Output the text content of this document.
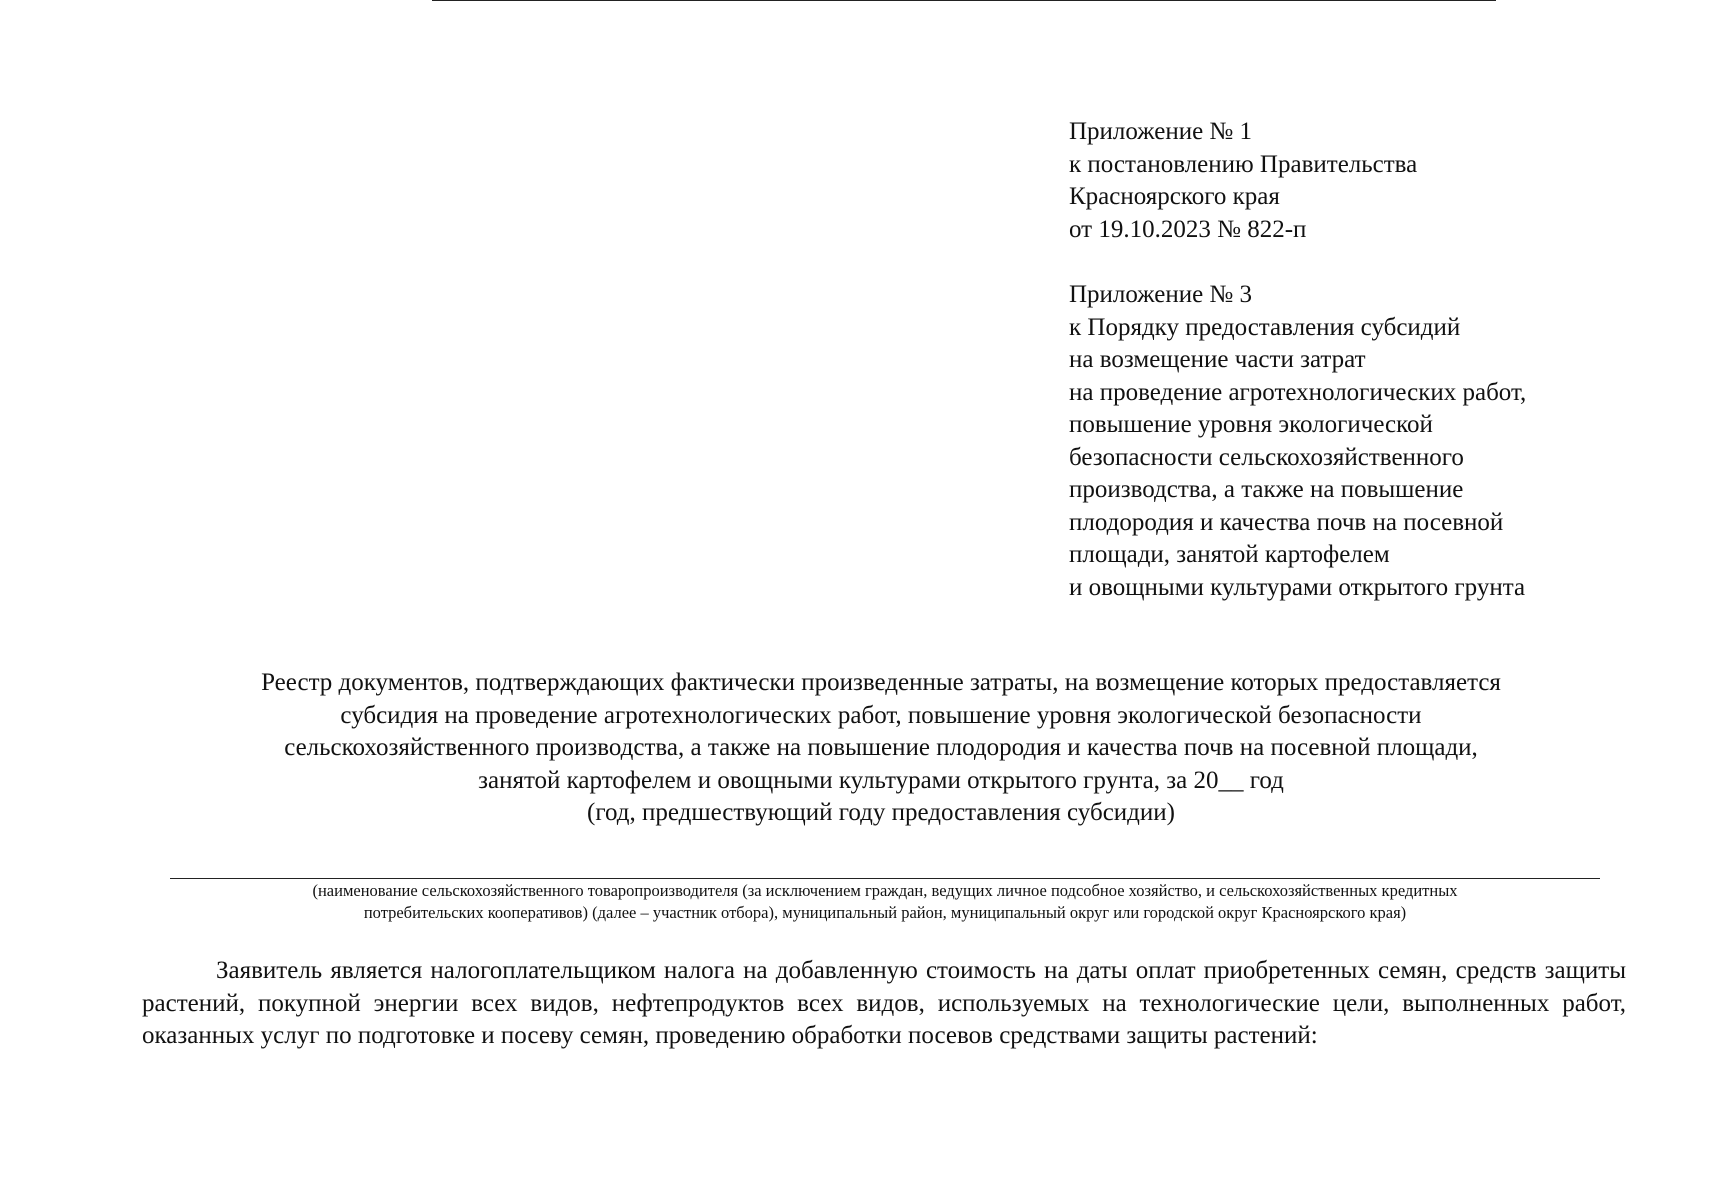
Приложение № 1
к постановлению Правительства
Красноярского края
от 19.10.2023 № 822-п
Приложение № 3
к Порядку предоставления субсидий
на возмещение части затрат
на проведение агротехнологических работ,
повышение уровня экологической
безопасности сельскохозяйственного
производства, а также на повышение
плодородия и качества почв на посевной
площади, занятой картофелем
и овощными культурами открытого грунта
Реестр документов, подтверждающих фактически произведенные затраты, на возмещение которых предоставляется
субсидия на проведение агротехнологических работ, повышение уровня экологической безопасности
сельскохозяйственного производства, а также на повышение плодородия и качества почв на посевной площади,
занятой картофелем и овощными культурами открытого грунта, за 20__ год
(год, предшествующий году предоставления субсидии)
(наименование сельскохозяйственного товаропроизводителя (за исключением граждан, ведущих личное подсобное хозяйство, и сельскохозяйственных кредитных
потребительских кооперативов) (далее – участник отбора), муниципальный район, муниципальный округ или городской округ Красноярского края)
Заявитель является налогоплательщиком налога на добавленную стоимость на даты оплат приобретенных семян, средств защиты растений, покупной энергии всех видов, нефтепродуктов всех видов, используемых на технологические цели, выполненных работ, оказанных услуг по подготовке и посеву семян, проведению обработки посевов средствами защиты растений:
